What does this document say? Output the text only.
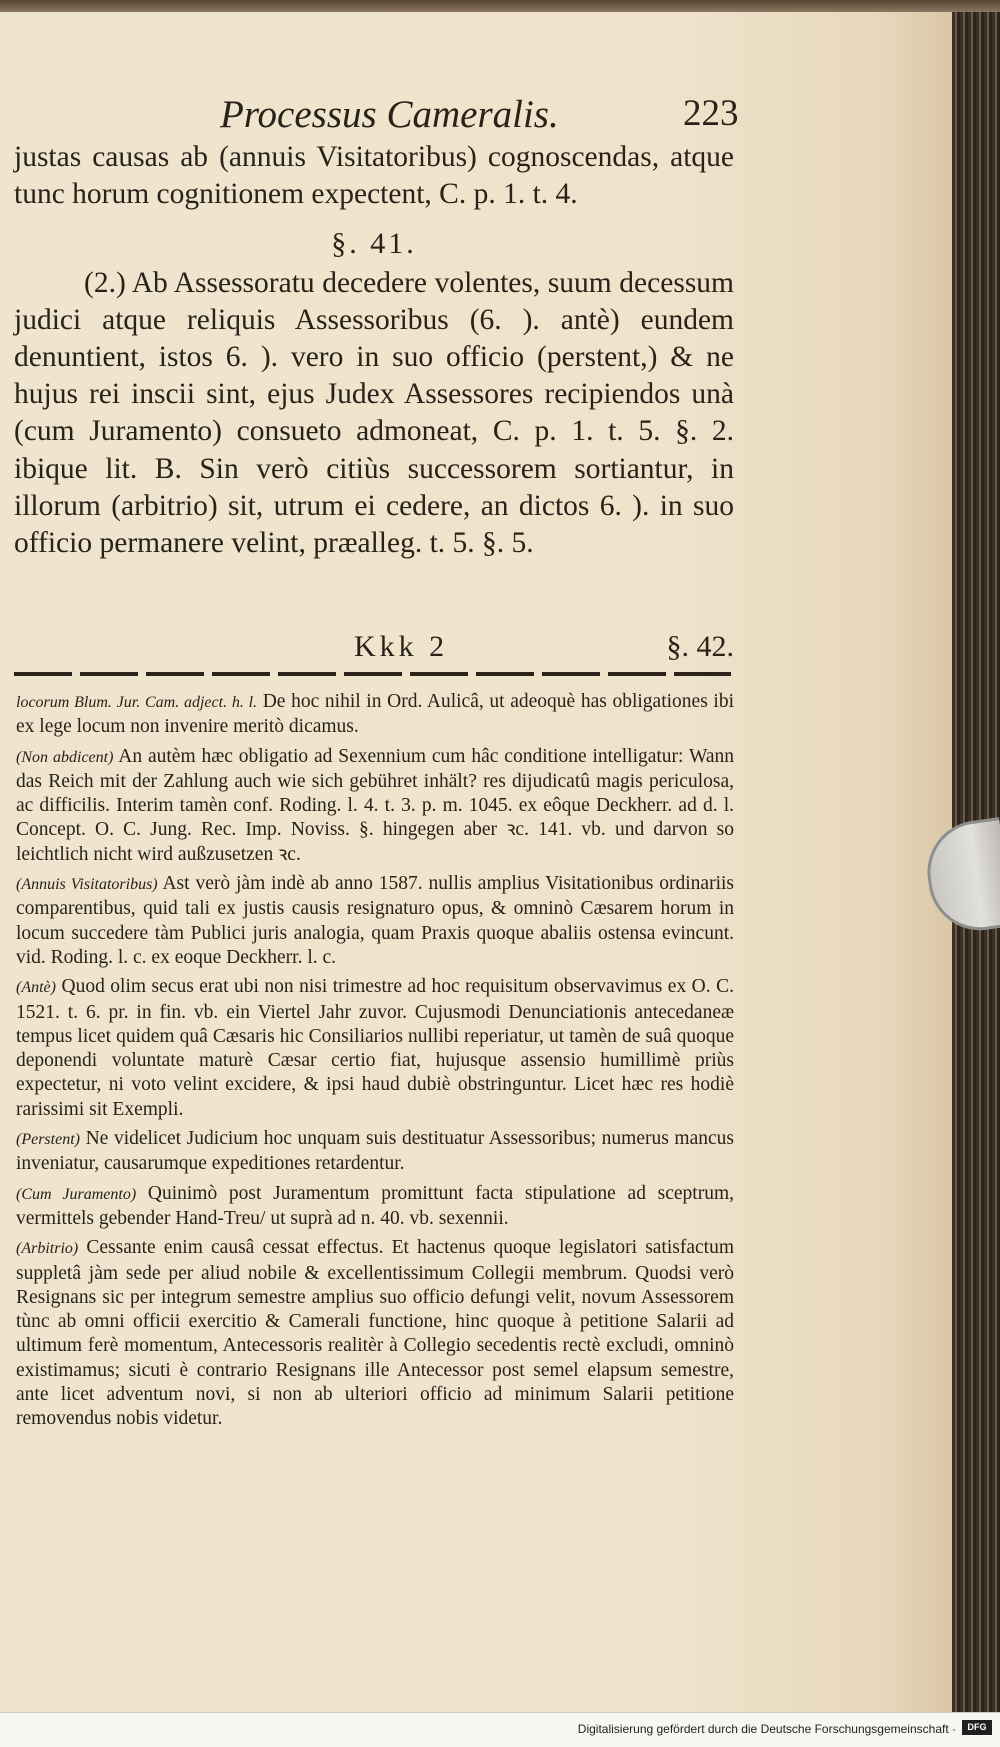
Processus Cameralis.	223

justas causas ab (annuis Visitatoribus) cognoscendas, atque tunc horum cognitionem expectent, C. p. 1. t. 4.

§. 41.

(2.) Ab Assessoratu decedere volentes, suum decessum judici atque reliquis Assessoribus (6. ). antè) eundem denuntient, istos 6. ). vero in suo officio (perstent,) & ne hujus rei inscii sint, ejus Judex Assessores recipiendos unà (cum Juramento) consueto admoneat, C. p. 1. t. 5. §. 2. ibique lit. B. Sin verò citiùs successorem sortiantur, in illorum (arbitrio) sit, utrum ei cedere, an dictos 6. ). in suo officio permanere velint, præalleg. t. 5. §. 5.

Kkk 2	§. 42.

locorum Blum. Jur. Cam. adject. h. l. De hoc nihil in Ord. Aulicâ, ut adeoquè has obligationes ibi ex lege locum non invenire meritò dicamus.

(Non abdicent) An autèm hæc obligatio ad Sexennium cum hâc conditione intelligatur: Wann das Reich mit der Zahlung auch wie sich gebühret inhält? res dijudicatû magis periculosa, ac difficilis. Interim tamèn conf. Roding. l. 4. t. 3. p. m. 1045. ex eôque Deckherr. ad d. l. Concept. O. C. Jung. Rec. Imp. Noviss. §. hingegen aber ꝛc. 141. vb. und darvon so leichtlich nicht wird außzusetzen ꝛc.

(Annuis Visitatoribus) Ast verò jàm indè ab anno 1587. nullis amplius Visitationibus ordinariis comparentibus, quid tali ex justis causis resignaturo opus, & omninò Cæsarem horum in locum succedere tàm Publici juris analogia, quam Praxis quoque abaliis ostensa evincunt. vid. Roding. l. c. ex eoque Deckherr. l. c.

(Antè) Quod olim secus erat ubi non nisi trimestre ad hoc requisitum observavimus ex O. C. 1521. t. 6. pr. in fin. vb. ein Viertel Jahr zuvor. Cujusmodi Denunciationis antecedaneæ tempus licet quidem quâ Cæsaris hic Consiliarios nullibi reperiatur, ut tamèn de suâ quoque deponendi voluntate maturè Cæsar certio fiat, hujusque assensio humillimè priùs expectetur, ni voto velint excidere, & ipsi haud dubiè obstringuntur. Licet hæc res hodiè rarissimi sit Exempli.

(Perstent) Ne videlicet Judicium hoc unquam suis destituatur Assessoribus; numerus mancus inveniatur, causarumque expeditiones retardentur.

(Cum Juramento) Quinimò post Juramentum promittunt facta stipulatione ad sceptrum, vermittels gebender Hand-Treu/ ut suprà ad n. 40. vb. sexennii.

(Arbitrio) Cessante enim causâ cessat effectus. Et hactenus quoque legislatori satisfactum suppletâ jàm sede per aliud nobile & excellentissimum Collegii membrum. Quodsi verò Resignans sic per integrum semestre amplius suo officio defungi velit, novum Assessorem tùnc ab omni officii exercitio & Camerali functione, hinc quoque à petitione Salarii ad ultimum ferè momentum, Antecessoris realitèr à Collegio secedentis rectè excludi, omninò existimamus; sicuti è contrario Resignans ille Antecessor post semel elapsum semestre, ante licet adventum novi, si non ab ulteriori officio ad minimum Salarii petitione removendus nobis videtur.

Digitalisierung gefördert durch die Deutsche Forschungsgemeinschaft ·	DFG
